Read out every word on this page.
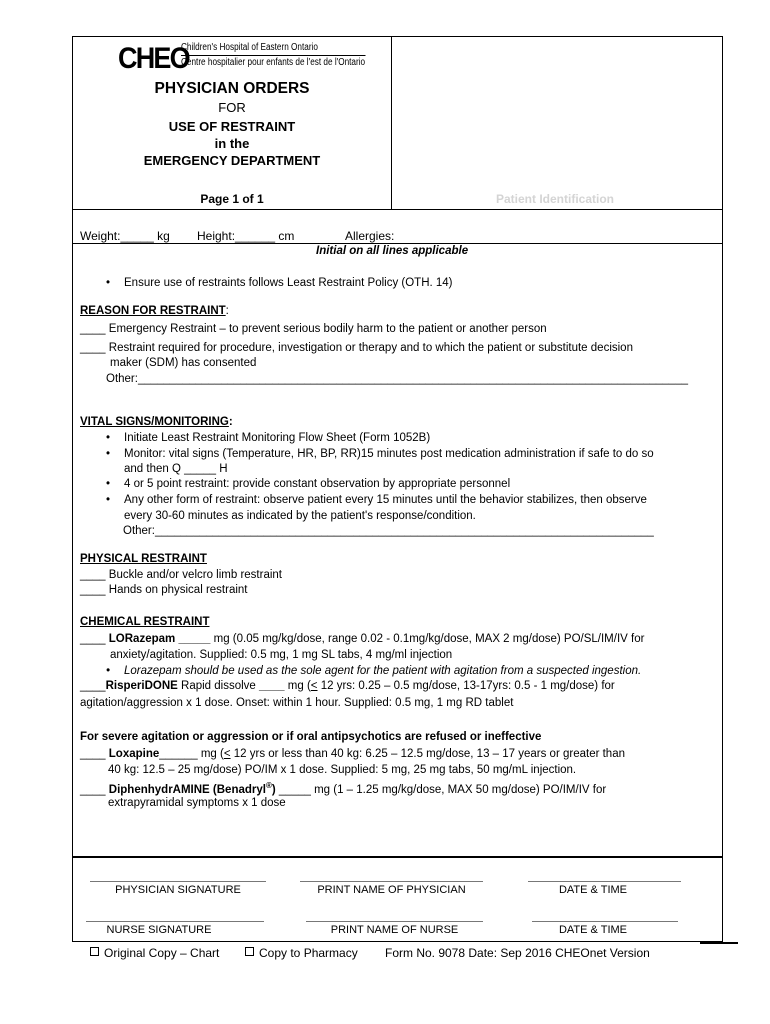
CHEO
Children's Hospital of Eastern Ontario
Centre hospitalier pour enfants de l'est de l'Ontario
PHYSICIAN ORDERS
FOR
USE OF RESTRAINT
in the
EMERGENCY DEPARTMENT
Page 1 of 1	Patient Identification
Weight:_____ kg Height:______ cm	Allergies:
Initial on all lines applicable
• Ensure use of restraints follows Least Restraint Policy (OTH. 14)
REASON FOR RESTRAINT:
____ Emergency Restraint – to prevent serious bodily harm to the patient or another person
____ Restraint required for procedure, investigation or therapy and to which the patient or substitute decision
maker (SDM) has consented
Other:______________________________________________________________________________________
VITAL SIGNS/MONITORING:
• Initiate Least Restraint Monitoring Flow Sheet (Form 1052B)
• Monitor: vital signs (Temperature, HR, BP, RR)15 minutes post medication administration if safe to do so
and then Q _____ H
• 4 or 5 point restraint: provide constant observation by appropriate personnel
• Any other form of restraint: observe patient every 15 minutes until the behavior stabilizes, then observe
every 30-60 minutes as indicated by the patient's response/condition.
Other:______________________________________________________________________________
PHYSICAL RESTRAINT
____ Buckle and/or velcro limb restraint
____ Hands on physical restraint
CHEMICAL RESTRAINT
____ LORazepam _____ mg (0.05 mg/kg/dose, range 0.02 - 0.1mg/kg/dose, MAX 2 mg/dose) PO/SL/IM/IV for
anxiety/agitation. Supplied: 0.5 mg, 1 mg SL tabs, 4 mg/ml injection
• Lorazepam should be used as the sole agent for the patient with agitation from a suspected ingestion.
____RisperiDONE Rapid dissolve ____ mg (< 12 yrs: 0.25 – 0.5 mg/dose, 13-17yrs: 0.5 - 1 mg/dose) for
agitation/aggression x 1 dose. Onset: within 1 hour. Supplied: 0.5 mg, 1 mg RD tablet
For severe agitation or aggression or if oral antipsychotics are refused or ineffective
____ Loxapine______ mg (< 12 yrs or less than 40 kg: 6.25 – 12.5 mg/dose, 13 – 17 years or greater than
40 kg: 12.5 – 25 mg/dose) PO/IM x 1 dose. Supplied: 5 mg, 25 mg tabs, 50 mg/mL injection.
____ DiphenhydrAMINE (Benadryl®) _____ mg (1 – 1.25 mg/kg/dose, MAX 50 mg/dose) PO/IM/IV for
extrapyramidal symptoms x 1 dose
PHYSICIAN SIGNATURE	PRINT NAME OF PHYSICIAN	DATE & TIME
NURSE SIGNATURE	PRINT NAME OF NURSE	DATE & TIME
Original Copy – Chart	Copy to Pharmacy Form No. 9078 Date: Sep 2016 CHEOnet Version
